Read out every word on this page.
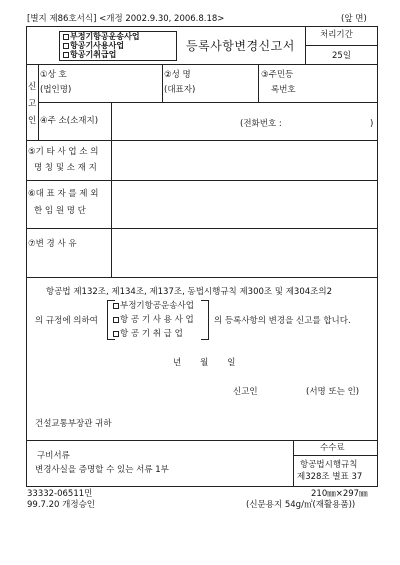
[별지 제86호서식] <개정 2002.9.30, 2006.8.18>	(앞 면)
부정기항공운송사업
항공기사용사업
항공기취급업
등록사항변경신고서
처리기간
25일
신
고
인
①상 호
(법인명)
②성 명
(대표자)
③주민등
록번호
④주 소(소재지)	(전화번호 :	)
⑤기 타 사 업 소 의
명 칭 및 소 재 지
⑥대 표 자 를 제 외
한 임 원 명 단
⑦변 경 사 유
항공법 제132조, 제134조, 제137조, 동법시행규칙 제300조 및 제304조의2
의 규정에 의하여
부정기항공운송사업
항 공 기 사 용 사 업
항 공 기 취 급 업
의 등록사항의 변경을 신고를 합니다.
년       월       일
신고인	(서명 또는 인)
건설교통부장관 귀하
구비서류
변경사실을 증명할 수 있는 서류 1부
수수료
항공법시행규칙
제328조 별표 37
33332-06511민
99.7.20 개정승인
210㎜×297㎜
(신문용지 54g/㎡(재활용품))
